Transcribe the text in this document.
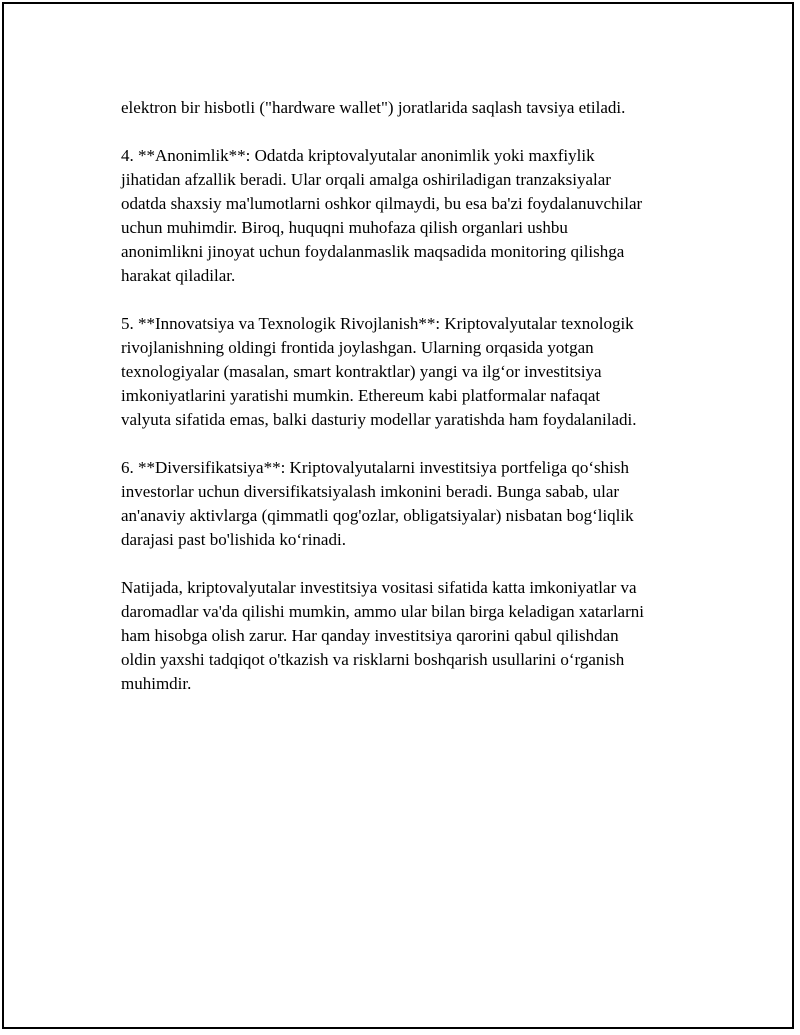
elektron bir hisbotli ("hardware wallet") joratlarida saqlash tavsiya etiladi.

4. **Anonimlik**: Odatda kriptovalyutalar anonimlik yoki maxfiylik
jihatidan afzallik beradi. Ular orqali amalga oshiriladigan tranzaksiyalar
odatda shaxsiy ma'lumotlarni oshkor qilmaydi, bu esa ba'zi foydalanuvchilar
uchun muhimdir. Biroq, huquqni muhofaza qilish organlari ushbu
anonimlikni jinoyat uchun foydalanmaslik maqsadida monitoring qilishga
harakat qiladilar.

5. **Innovatsiya va Texnologik Rivojlanish**: Kriptovalyutalar texnologik
rivojlanishning oldingi frontida joylashgan. Ularning orqasida yotgan
texnologiyalar (masalan, smart kontraktlar) yangi va ilg‘or investitsiya
imkoniyatlarini yaratishi mumkin. Ethereum kabi platformalar nafaqat
valyuta sifatida emas, balki dasturiy modellar yaratishda ham foydalaniladi.

6. **Diversifikatsiya**: Kriptovalyutalarni investitsiya portfeliga qo‘shish
investorlar uchun diversifikatsiyalash imkonini beradi. Bunga sabab, ular
an'anaviy aktivlarga (qimmatli qog'ozlar, obligatsiyalar) nisbatan bog‘liqlik
darajasi past bo'lishida ko‘rinadi.

Natijada, kriptovalyutalar investitsiya vositasi sifatida katta imkoniyatlar va
daromadlar va'da qilishi mumkin, ammo ular bilan birga keladigan xatarlarni
ham hisobga olish zarur. Har qanday investitsiya qarorini qabul qilishdan
oldin yaxshi tadqiqot o'tkazish va risklarni boshqarish usullarini o‘rganish
muhimdir.
